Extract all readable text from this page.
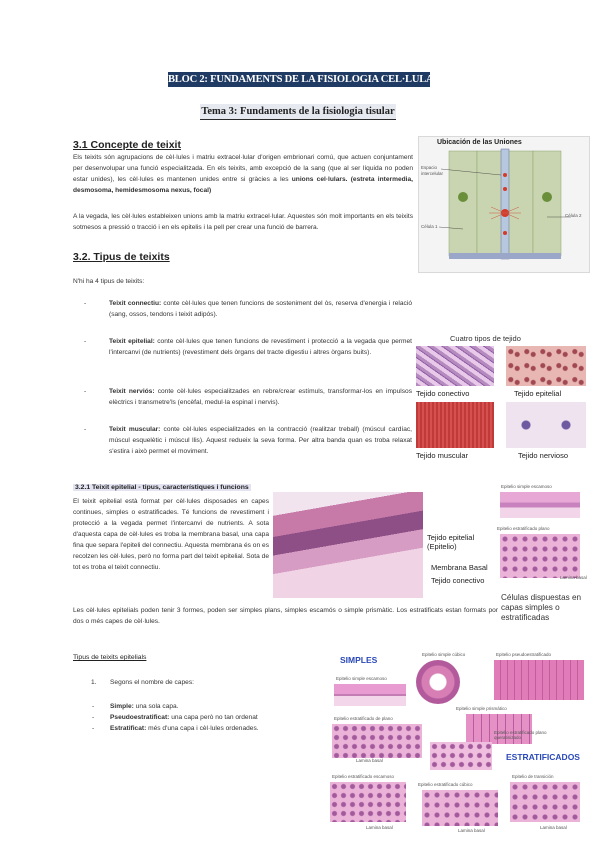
BLOC 2: FUNDAMENTS DE LA FISIOLOGIA CEL·LULAR
Tema 3: Fundaments de la fisiologia tisular
3.1 Concepte de teixit
Els teixits són agrupacions de cèl·lules i matriu extracel·lular d'origen embrionari comú, que actuen conjuntament per desenvolupar una funció especialitzada. En els teixits, amb excepció de la sang (que al ser líquida no poden estar unides), les cèl·lules es mantenen unides entre si gràcies a les unions cel·lulars. (estreta intermedia, desmosoma, hemidesmosoma nexus, focal)
A la vegada, les cèl·lules estableixen unions amb la matriu extracel·lular. Aquestes són molt importants en els teixits sotmesos a pressió o tracció i en els epitelis i la pell per crear una funció de barrera.
Ubicación de las Uniones
Espacio intercelular
Célula 1
Célula 2
3.2. Tipus de teixits
N'hi ha 4 tipus de teixits:
-	Teixit connectiu: conte cèl·lules que tenen funcions de sosteniment del òs, reserva d'energia i relació (sang, ossos, tendons i teixit adipós).
-	Teixit epitelial: conte cèl·lules que tenen funcions de revestiment i protecció a la vegada que permet l'intercanvi (de nutrients) (revestiment dels òrgans del tracte digestiu i altres òrgans buits).
-	Teixit nerviós: conte cèl·lules especialitzades en rebre/crear estímuls, transformar-los en impulsos elèctrics i transmetre'ls (encèfal, medul·la espinal i nervis).
-	Teixit muscular: conte cèl·lules especialitzades en la contracció (realitzar treball) (múscul cardíac, múscul esquelètic i múscul llis). Aquest redueix la seva forma. Per altra banda quan es troba relaxat s'estira i això permet el moviment.
Cuatro tipos de tejido
Tejido conectivo	Tejido epitelial
Tejido muscular	Tejido nervioso
3.2.1 Teixit epitelial - tipus, característiques i funcions
El teixit epitelial està format per cèl·lules disposades en capes continues, simples o estratificades. Té funcions de revestiment i protecció a la vegada permet l'intercanvi de nutrients. A sota d'aquesta capa de cèl·lules es troba la membrana basal, una capa fina que separa l'epiteli del connectiu. Aquesta membrana és on es recolzen les cèl·lules, però no forma part del teixit epitelial. Sota de tot es troba el teixit connectiu.
Tejido epitelial (Epitelio)
Membrana Basal
Tejido conectivo
Epitelio simple escamoso
Epitelio estratificado plano
Lamina basal
Células dispuestas en capas simples o estratificadas
Les cèl·lules epitelials poden tenir 3 formes, poden ser simples plans, simples escamós o simple prismàtic. Los estratificats estan formats por dos o més capes de cèl·lules.
Tipus de teixits epitelials
1. Segons el nombre de capes:
- Simple: una sola capa.
- Pseudoestratificat: una capa però no tan ordenat
- Estratificat: més d'una capa i cèl·lules ordenades.
SIMPLES
Epitelio simple cúbico	Epitelio pseudoestratificado
Epitelio simple escamoso
Epitelio simple prismático
Epitelio estratificado de plano
Lamina basal
Epitelio estratificado plano queratinizado
ESTRATIFICADOS
Epitelio estratificado escamoso
Epitelio estratificado cúbico
Epitelio de transición
Lamina basal
Lamina basal
Lamina basal
